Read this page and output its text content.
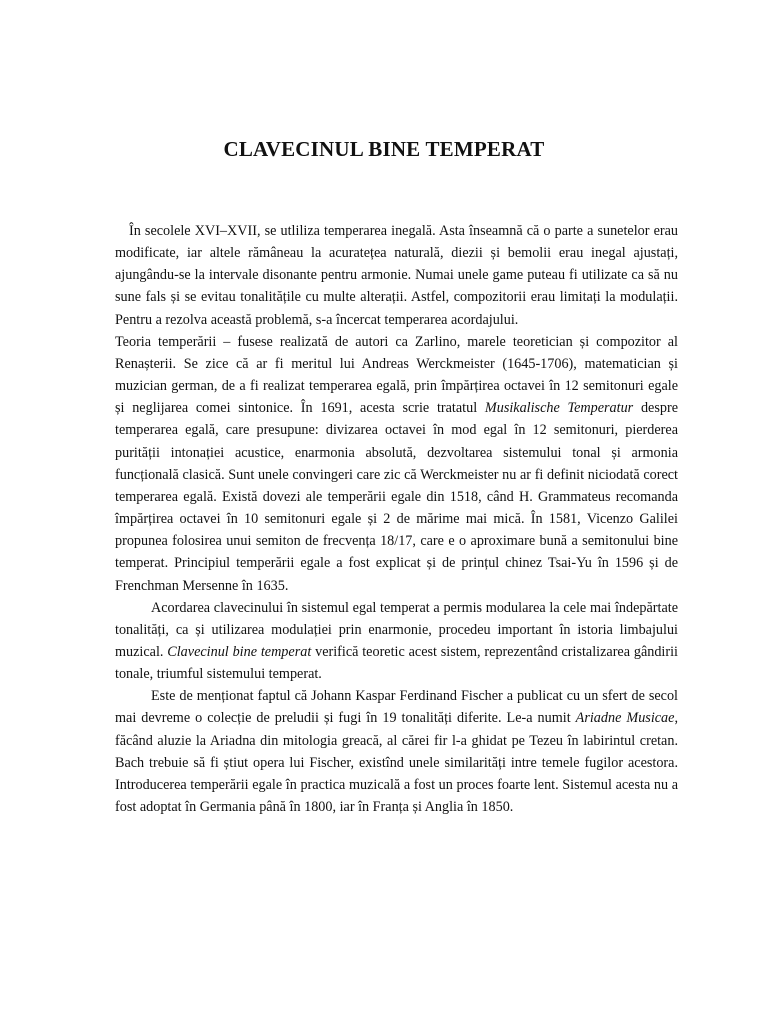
CLAVECINUL BINE TEMPERAT

În secolele XVI–XVII, se utliliza temperarea inegală. Asta înseamnă că o parte a sunetelor erau modificate, iar altele rămâneau la acuratețea naturală, diezii și bemolii erau inegal ajustați, ajungându-se la intervale disonante pentru armonie. Numai unele game puteau fi utilizate ca să nu sune fals și se evitau tonalitățile cu multe alterații. Astfel, compozitorii erau limitați la modulații. Pentru a rezolva această problemă, s-a încercat temperarea acordajului.

Teoria temperării – fusese realizată de autori ca Zarlino, marele teoretician și compozitor al Renașterii. Se zice că ar fi meritul lui Andreas Werckmeister (1645-1706), matematician și muzician german, de a fi realizat temperarea egală, prin împărțirea octavei în 12 semitonuri egale și neglijarea comei sintonice. În 1691, acesta scrie tratatul Musikalische Temperatur despre temperarea egală, care presupune: divizarea octavei în mod egal în 12 semitonuri, pierderea purității intonației acustice, enarmonia absolută, dezvoltarea sistemului tonal și armonia funcțională clasică. Sunt unele convingeri care zic că Werckmeister nu ar fi definit niciodată corect temperarea egală. Există dovezi ale temperării egale din 1518, când H. Grammateus recomanda împărțirea octavei în 10 semitonuri egale și 2 de mărime mai mică. În 1581, Vicenzo Galilei propunea folosirea unui semiton de frecvența 18/17, care e o aproximare bună a semitonului bine temperat. Principiul temperării egale a fost explicat și de prințul chinez Tsai-Yu în 1596 și de Frenchman Mersenne în 1635.

Acordarea clavecinului în sistemul egal temperat a permis modularea la cele mai îndepărtate tonalități, ca și utilizarea modulației prin enarmonie, procedeu important în istoria limbajului muzical. Clavecinul bine temperat verifică teoretic acest sistem, reprezentând cristalizarea gândirii tonale, triumful sistemului temperat.

Este de menționat faptul că Johann Kaspar Ferdinand Fischer a publicat cu un sfert de secol mai devreme o colecție de preludii și fugi în 19 tonalități diferite. Le-a numit Ariadne Musicae, făcând aluzie la Ariadna din mitologia greacă, al cărei fir l-a ghidat pe Tezeu în labirintul cretan. Bach trebuie să fi știut opera lui Fischer, existînd unele similarități intre temele fugilor acestora. Introducerea temperării egale în practica muzicală a fost un proces foarte lent. Sistemul acesta nu a fost adoptat în Germania până în 1800, iar în Franța și Anglia în 1850.
